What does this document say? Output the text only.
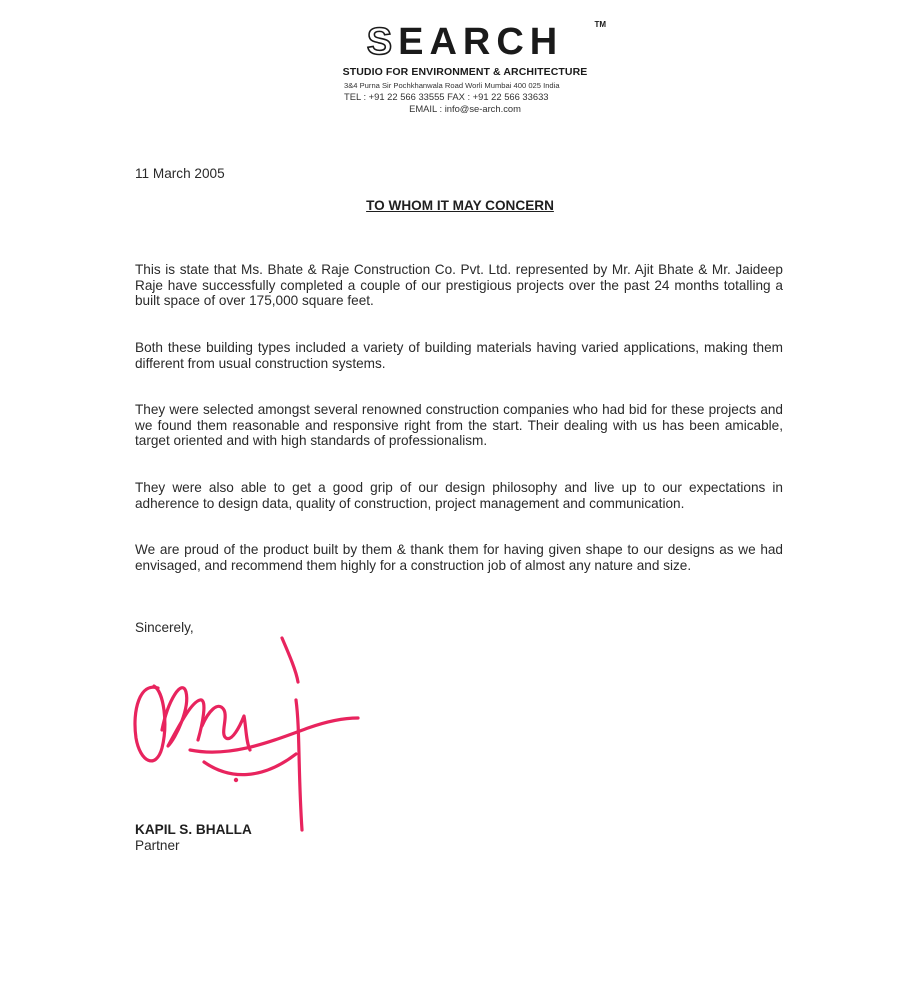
SEARCH	TM
STUDIO FOR ENVIRONMENT & ARCHITECTURE
3&4 Purna Sir Pochkhanwala Road Worli Mumbai 400 025 India
TEL : +91 22 566 33555 FAX : +91 22 566 33633
EMAIL : info@se-arch.com
11 March 2005
TO WHOM IT MAY CONCERN

This is state that Ms. Bhate & Raje Construction Co. Pvt. Ltd. represented by Mr. Ajit Bhate & Mr. Jaideep Raje have successfully completed a couple of our prestigious projects over the past 24 months totalling a built space of over 175,000 square feet.

Both these building types included a variety of building materials having varied applications, making them different from usual construction systems.

They were selected amongst several renowned construction companies who had bid for these projects and we found them reasonable and responsive right from the start. Their dealing with us has been amicable, target oriented and with high standards of professionalism.

They were also able to get a good grip of our design philosophy and live up to our expectations in adherence to design data, quality of construction, project management and communication.

We are proud of the product built by them & thank them for having given shape to our designs as we had envisaged, and recommend them highly for a construction job of almost any nature and size.

Sincerely,
KAPIL S. BHALLA
Partner
